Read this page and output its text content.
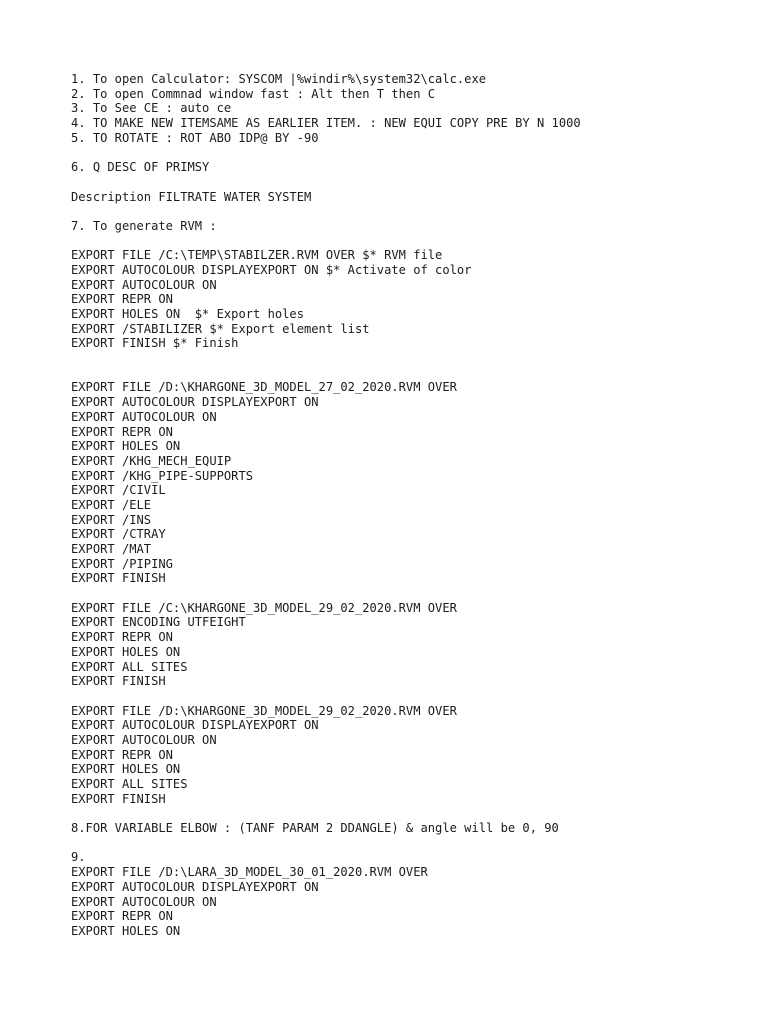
1. To open Calculator: SYSCOM |%windir%\system32\calc.exe
2. To open Commnad window fast : Alt then T then C
3. To See CE : auto ce
4. TO MAKE NEW ITEMSAME AS EARLIER ITEM. : NEW EQUI COPY PRE BY N 1000
5. TO ROTATE : ROT ABO IDP@ BY -90
6. Q DESC OF PRIMSY
Description FILTRATE WATER SYSTEM
7. To generate RVM :
EXPORT FILE /C:\TEMP\STABILZER.RVM OVER $* RVM file
EXPORT AUTOCOLOUR DISPLAYEXPORT ON $* Activate of color
EXPORT AUTOCOLOUR ON
EXPORT REPR ON
EXPORT HOLES ON  $* Export holes
EXPORT /STABILIZER $* Export element list
EXPORT FINISH $* Finish
EXPORT FILE /D:\KHARGONE_3D_MODEL_27_02_2020.RVM OVER
EXPORT AUTOCOLOUR DISPLAYEXPORT ON
EXPORT AUTOCOLOUR ON
EXPORT REPR ON
EXPORT HOLES ON
EXPORT /KHG_MECH_EQUIP
EXPORT /KHG_PIPE-SUPPORTS
EXPORT /CIVIL
EXPORT /ELE
EXPORT /INS
EXPORT /CTRAY
EXPORT /MAT
EXPORT /PIPING
EXPORT FINISH
EXPORT FILE /C:\KHARGONE_3D_MODEL_29_02_2020.RVM OVER
EXPORT ENCODING UTFEIGHT
EXPORT REPR ON
EXPORT HOLES ON
EXPORT ALL SITES
EXPORT FINISH
EXPORT FILE /D:\KHARGONE_3D_MODEL_29_02_2020.RVM OVER
EXPORT AUTOCOLOUR DISPLAYEXPORT ON
EXPORT AUTOCOLOUR ON
EXPORT REPR ON
EXPORT HOLES ON
EXPORT ALL SITES
EXPORT FINISH
8.FOR VARIABLE ELBOW : (TANF PARAM 2 DDANGLE) & angle will be 0, 90
9.
EXPORT FILE /D:\LARA_3D_MODEL_30_01_2020.RVM OVER
EXPORT AUTOCOLOUR DISPLAYEXPORT ON
EXPORT AUTOCOLOUR ON
EXPORT REPR ON
EXPORT HOLES ON
